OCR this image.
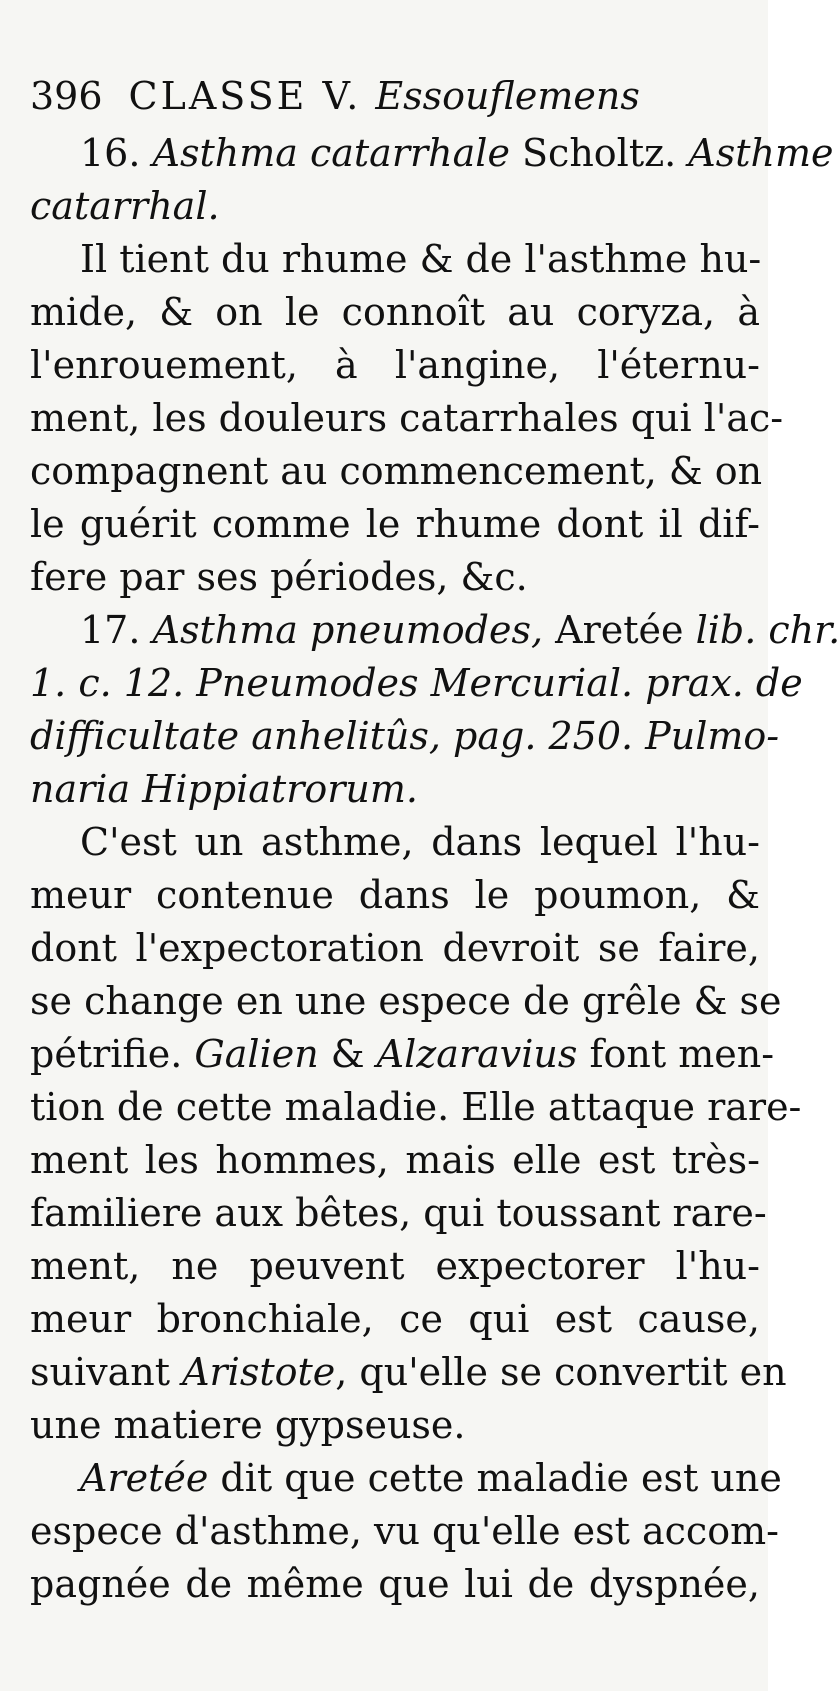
396 CLASSE V. Essouflemens
16. Asthma catarrhale Scholtz. Asthme
catarrhal.
Il tient du rhume & de l'asthme hu-
mide, & on le connoît au coryza, à
l'enrouement, à l'angine, l'éternu-
ment, les douleurs catarrhales qui l'ac-
compagnent au commencement, & on
le guérit comme le rhume dont il dif-
fere par ses périodes, &c.
17. Asthma pneumodes, Aretée lib. chr.
1. c. 12. Pneumodes Mercurial. prax. de
difficultate anhelitûs, pag. 250. Pulmo-
naria Hippiatrorum.
C'est un asthme, dans lequel l'hu-
meur contenue dans le poumon, &
dont l'expectoration devroit se faire,
se change en une espece de grêle & se
pétrifie. Galien & Alzaravius font men-
tion de cette maladie. Elle attaque rare-
ment les hommes, mais elle est très-
familiere aux bêtes, qui toussant rare-
ment, ne peuvent expectorer l'hu-
meur bronchiale, ce qui est cause,
suivant Aristote, qu'elle se convertit en
une matiere gypseuse.
Aretée dit que cette maladie est une
espece d'asthme, vu qu'elle est accom-
pagnée de même que lui de dyspnée,
